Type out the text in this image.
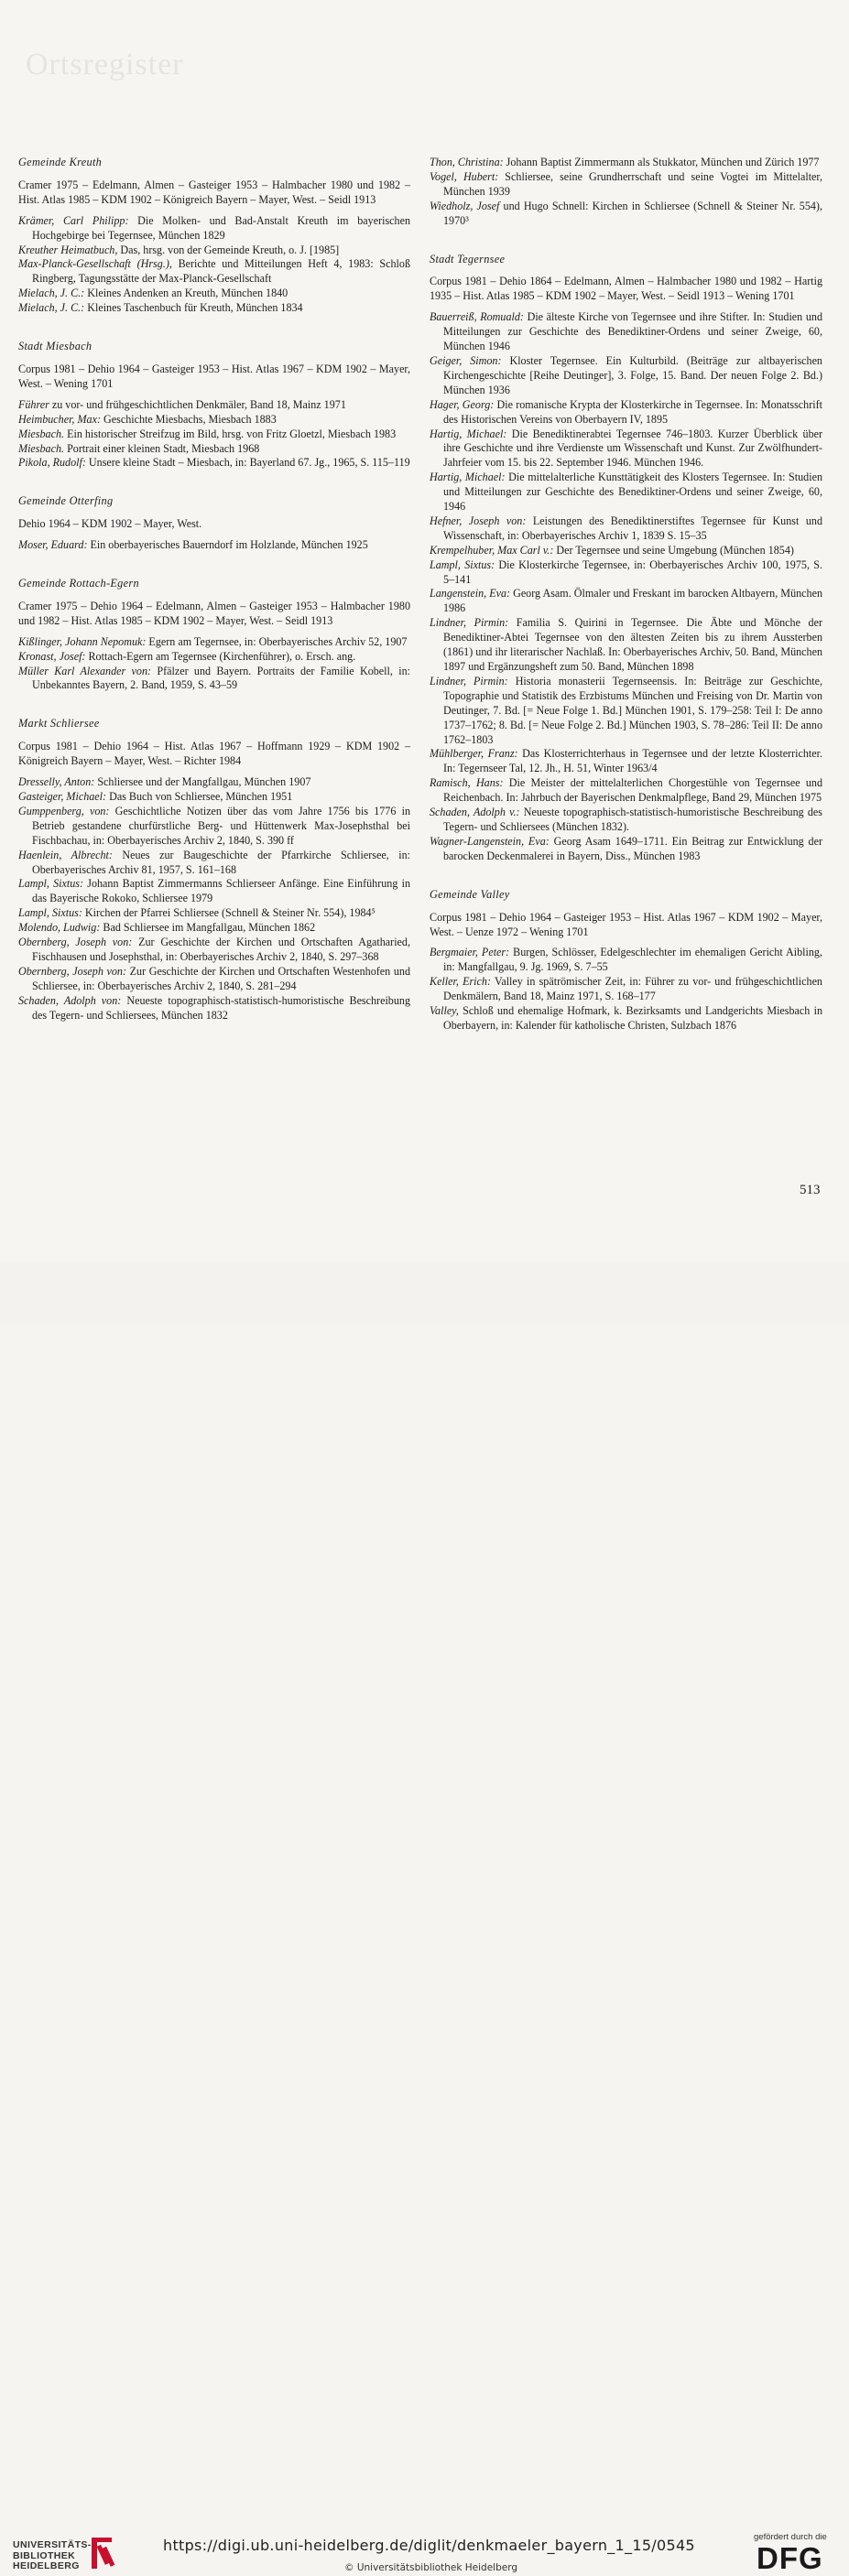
Ortsregister

Gemeinde Kreuth

Cramer 1975 – Edelmann, Almen – Gasteiger 1953 – Halmbacher 1980 und 1982 – Hist. Atlas 1985 – KDM 1902 – Königreich Bayern – Mayer, West. – Seidl 1913

Krämer, Carl Philipp: Die Molken- und Bad-Anstalt Kreuth im bayerischen Hochgebirge bei Tegernsee, München 1829

Kreuther Heimatbuch, Das, hrsg. von der Gemeinde Kreuth, o. J. [1985]

Max-Planck-Gesellschaft (Hrsg.), Berichte und Mitteilungen Heft 4, 1983: Schloß Ringberg, Tagungsstätte der Max-Planck-Gesellschaft

Mielach, J. C.: Kleines Andenken an Kreuth, München 1840

Mielach, J. C.: Kleines Taschenbuch für Kreuth, München 1834

Stadt Miesbach

Corpus 1981 – Dehio 1964 – Gasteiger 1953 – Hist. Atlas 1967 – KDM 1902 – Mayer, West. – Wening 1701

Führer zu vor- und frühgeschichtlichen Denkmäler, Band 18, Mainz 1971

Heimbucher, Max: Geschichte Miesbachs, Miesbach 1883

Miesbach. Ein historischer Streifzug im Bild, hrsg. von Fritz Gloetzl, Miesbach 1983

Miesbach. Portrait einer kleinen Stadt, Miesbach 1968

Pikola, Rudolf: Unsere kleine Stadt – Miesbach, in: Bayerland 67. Jg., 1965, S. 115–119

Gemeinde Otterfing

Dehio 1964 – KDM 1902 – Mayer, West.

Moser, Eduard: Ein oberbayerisches Bauerndorf im Holzlande, München 1925

Gemeinde Rottach-Egern

Cramer 1975 – Dehio 1964 – Edelmann, Almen – Gasteiger 1953 – Halmbacher 1980 und 1982 – Hist. Atlas 1985 – KDM 1902 – Mayer, West. – Seidl 1913

Kißlinger, Johann Nepomuk: Egern am Tegernsee, in: Oberbayerisches Archiv 52, 1907

Kronast, Josef: Rottach-Egern am Tegernsee (Kirchenführer), o. Ersch. ang.

Müller Karl Alexander von: Pfälzer und Bayern. Portraits der Familie Kobell, in: Unbekanntes Bayern, 2. Band, 1959, S. 43–59

Markt Schliersee

Corpus 1981 – Dehio 1964 – Hist. Atlas 1967 – Hoffmann 1929 – KDM 1902 – Königreich Bayern – Mayer, West. – Richter 1984

Dresselly, Anton: Schliersee und der Mangfallgau, München 1907

Gasteiger, Michael: Das Buch von Schliersee, München 1951

Gumppenberg, von: Geschichtliche Notizen über das vom Jahre 1756 bis 1776 in Betrieb gestandene churfürstliche Berg- und Hüttenwerk Max-Josephsthal bei Fischbachau, in: Oberbayerisches Archiv 2, 1840, S. 390 ff

Haenlein, Albrecht: Neues zur Baugeschichte der Pfarrkirche Schliersee, in: Oberbayerisches Archiv 81, 1957, S. 161–168

Lampl, Sixtus: Johann Baptist Zimmermanns Schlierseer Anfänge. Eine Einführung in das Bayerische Rokoko, Schliersee 1979

Lampl, Sixtus: Kirchen der Pfarrei Schliersee (Schnell & Steiner Nr. 554), 1984⁵

Molendo, Ludwig: Bad Schliersee im Mangfallgau, München 1862

Obernberg, Joseph von: Zur Geschichte der Kirchen und Ortschaften Agatharied, Fischhausen und Josephsthal, in: Oberbayerisches Archiv 2, 1840, S. 297–368

Obernberg, Joseph von: Zur Geschichte der Kirchen und Ortschaften Westenhofen und Schliersee, in: Oberbayerisches Archiv 2, 1840, S. 281–294

Schaden, Adolph von: Neueste topographisch-statistisch-humoristische Beschreibung des Tegern- und Schliersees, München 1832

Thon, Christina: Johann Baptist Zimmermann als Stukkator, München und Zürich 1977

Vogel, Hubert: Schliersee, seine Grundherrschaft und seine Vogtei im Mittelalter, München 1939

Wiedholz, Josef und Hugo Schnell: Kirchen in Schliersee (Schnell & Steiner Nr. 554), 1970³

Stadt Tegernsee

Corpus 1981 – Dehio 1864 – Edelmann, Almen – Halmbacher 1980 und 1982 – Hartig 1935 – Hist. Atlas 1985 – KDM 1902 – Mayer, West. – Seidl 1913 – Wening 1701

Bauerreiß, Romuald: Die älteste Kirche von Tegernsee und ihre Stifter. In: Studien und Mitteilungen zur Geschichte des Benediktiner-Ordens und seiner Zweige, 60, München 1946

Geiger, Simon: Kloster Tegernsee. Ein Kulturbild. (Beiträge zur altbayerischen Kirchengeschichte [Reihe Deutinger], 3. Folge, 15. Band. Der neuen Folge 2. Bd.) München 1936

Hager, Georg: Die romanische Krypta der Klosterkirche in Tegernsee. In: Monatsschrift des Historischen Vereins von Oberbayern IV, 1895

Hartig, Michael: Die Benediktinerabtei Tegernsee 746–1803. Kurzer Überblick über ihre Geschichte und ihre Verdienste um Wissenschaft und Kunst. Zur Zwölfhundert-Jahrfeier vom 15. bis 22. September 1946. München 1946.

Hartig, Michael: Die mittelalterliche Kunsttätigkeit des Klosters Tegernsee. In: Studien und Mitteilungen zur Geschichte des Benediktiner-Ordens und seiner Zweige, 60, 1946

Hefner, Joseph von: Leistungen des Benediktinerstiftes Tegernsee für Kunst und Wissenschaft, in: Oberbayerisches Archiv 1, 1839 S. 15–35

Krempelhuber, Max Carl v.: Der Tegernsee und seine Umgebung (München 1854)

Lampl, Sixtus: Die Klosterkirche Tegernsee, in: Oberbayerisches Archiv 100, 1975, S. 5–141

Langenstein, Eva: Georg Asam. Ölmaler und Freskant im barocken Altbayern, München 1986

Lindner, Pirmin: Familia S. Quirini in Tegernsee. Die Äbte und Mönche der Benediktiner-Abtei Tegernsee von den ältesten Zeiten bis zu ihrem Aussterben (1861) und ihr literarischer Nachlaß. In: Oberbayerisches Archiv, 50. Band, München 1897 und Ergänzungsheft zum 50. Band, München 1898

Lindner, Pirmin: Historia monasterii Tegernseensis. In: Beiträge zur Geschichte, Topographie und Statistik des Erzbistums München und Freising von Dr. Martin von Deutinger, 7. Bd. [= Neue Folge 1. Bd.] München 1901, S. 179–258: Teil I: De anno 1737–1762; 8. Bd. [= Neue Folge 2. Bd.] München 1903, S. 78–286: Teil II: De anno 1762–1803

Mühlberger, Franz: Das Klosterrichterhaus in Tegernsee und der letzte Klosterrichter. In: Tegernseer Tal, 12. Jh., H. 51, Winter 1963/4

Ramisch, Hans: Die Meister der mittelalterlichen Chorgestühle von Tegernsee und Reichenbach. In: Jahrbuch der Bayerischen Denkmalpflege, Band 29, München 1975

Schaden, Adolph v.: Neueste topographisch-statistisch-humoristische Beschreibung des Tegern- und Schliersees (München 1832).

Wagner-Langenstein, Eva: Georg Asam 1649–1711. Ein Beitrag zur Entwicklung der barocken Deckenmalerei in Bayern, Diss., München 1983

Gemeinde Valley

Corpus 1981 – Dehio 1964 – Gasteiger 1953 – Hist. Atlas 1967 – KDM 1902 – Mayer, West. – Uenze 1972 – Wening 1701

Bergmaier, Peter: Burgen, Schlösser, Edelgeschlechter im ehemaligen Gericht Aibling, in: Mangfallgau, 9. Jg. 1969, S. 7–55

Keller, Erich: Valley in spätrömischer Zeit, in: Führer zu vor- und frühgeschichtlichen Denkmälern, Band 18, Mainz 1971, S. 168–177

Valley, Schloß und ehemalige Hofmark, k. Bezirksamts und Landgerichts Miesbach in Oberbayern, in: Kalender für katholische Christen, Sulzbach 1876

513
UNIVERSITÄTS-
BIBLIOTHEK
HEIDELBERG
https://digi.ub.uni-heidelberg.de/diglit/denkmaeler_bayern_1_15/0545
© Universitätsbibliothek Heidelberg
gefördert durch die
DFG
